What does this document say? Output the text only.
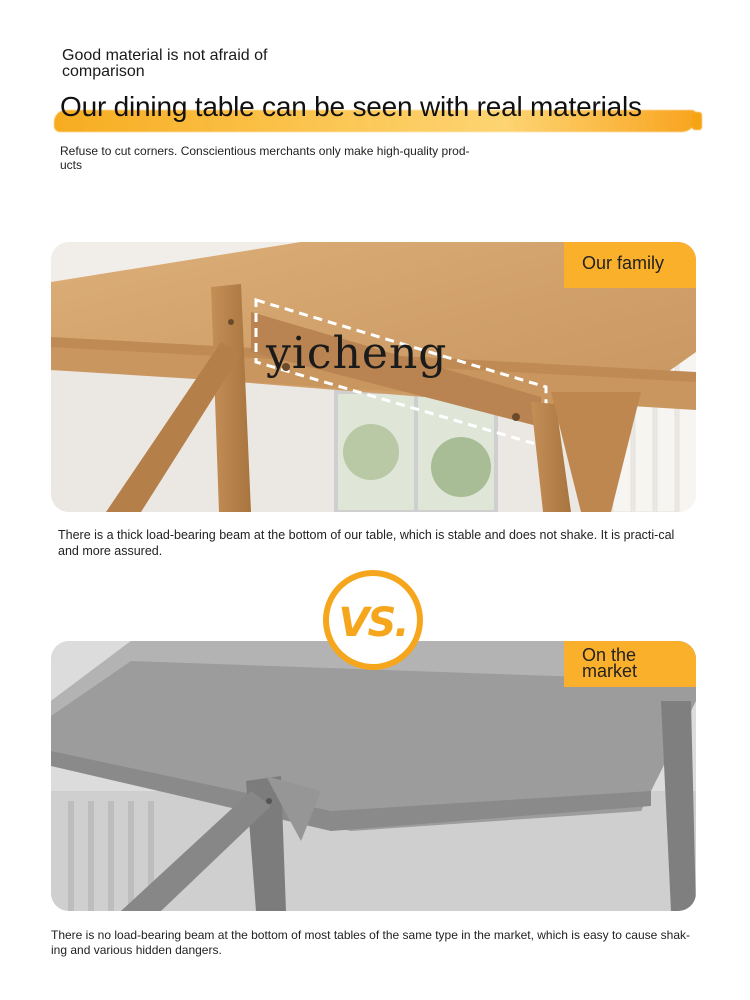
Good material is not afraid of comparison
Our dining table can be seen with real materials
Refuse to cut corners. Conscientious merchants only make high-quality prod-ucts
yicheng
Our family
There is a thick load-bearing beam at the bottom of our table, which is stable and does not shake. It is practi-cal and more assured.
VS.
On the market
There is no load-bearing beam at the bottom of most tables of the same type in the market, which is easy to cause shak-ing and various hidden dangers.
